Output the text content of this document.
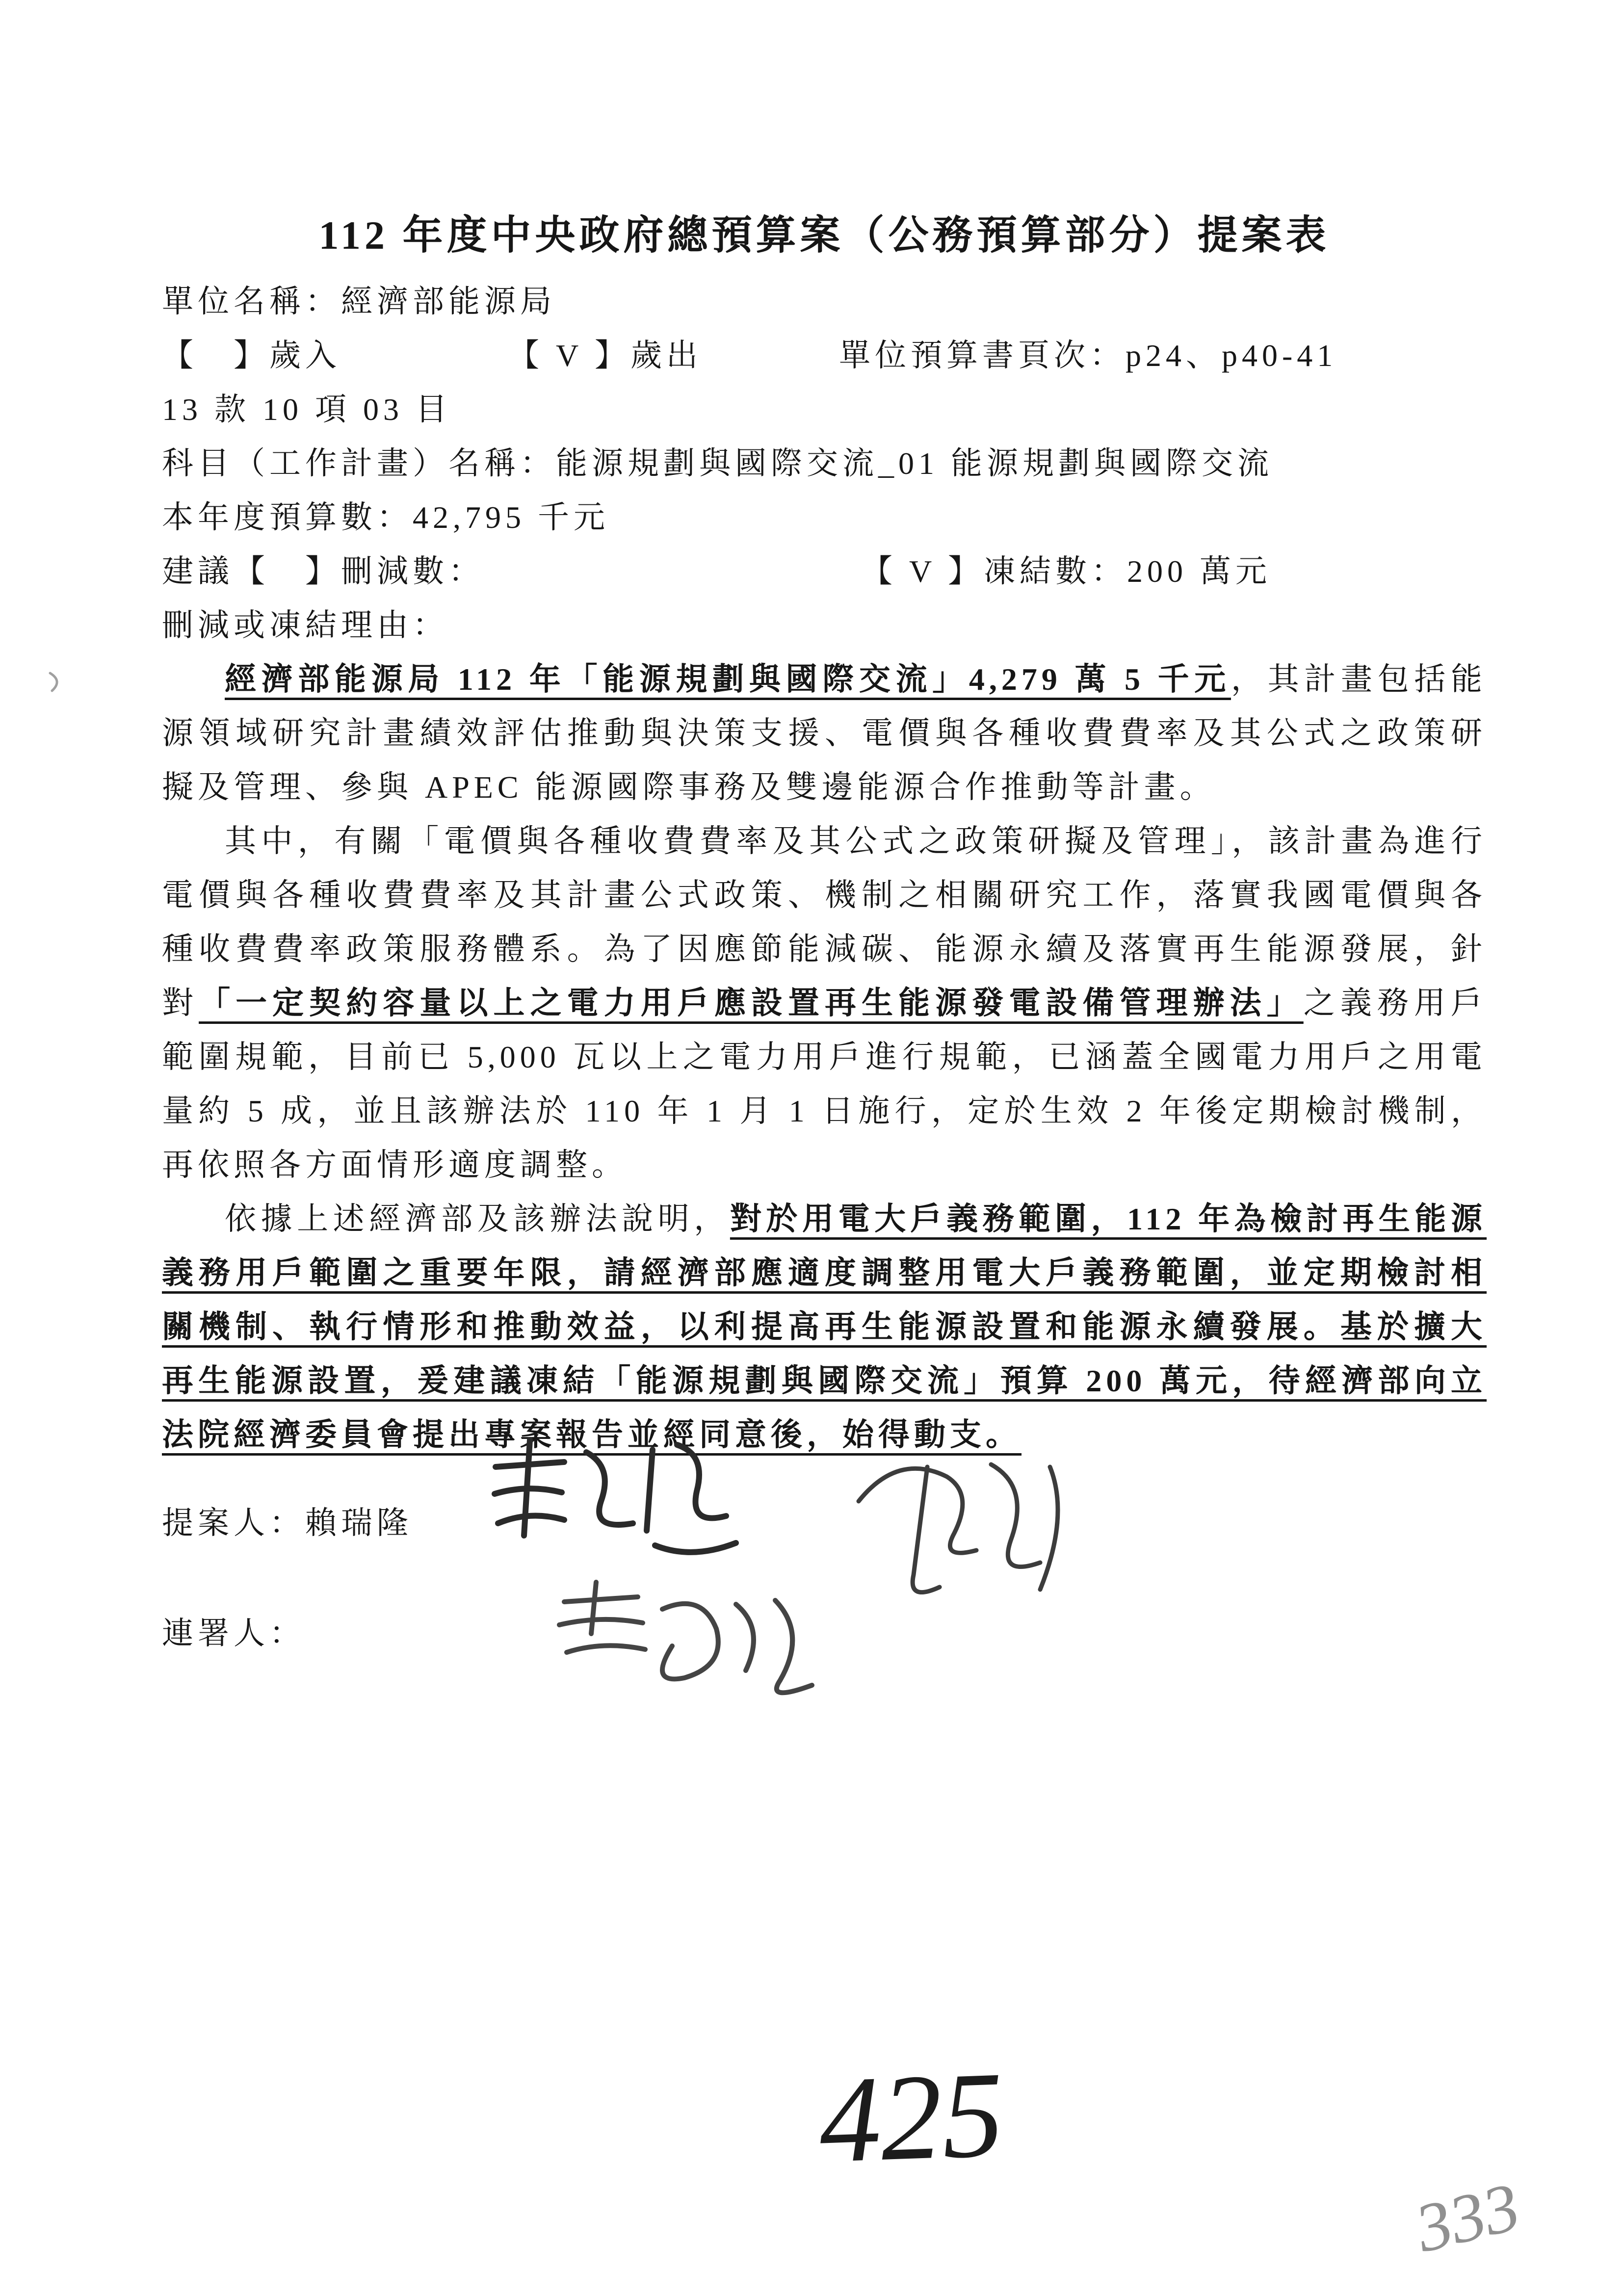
112 年度中央政府總預算案（公務預算部分）提案表
單位名稱：經濟部能源局
【　】歲入	【 V 】歲出	單位預算書頁次：p24、p40-41
13 款 10 項 03 目
科目（工作計畫）名稱：能源規劃與國際交流_01 能源規劃與國際交流
本年度預算數：42,795 千元
建議【　】刪減數：	【 V 】凍結數：200 萬元
刪減或凍結理由：

經濟部能源局 112 年「能源規劃與國際交流」4,279 萬 5 千元，其計畫包括能源領域研究計畫績效評估推動與決策支援、電價與各種收費費率及其公式之政策研擬及管理、參與 APEC 能源國際事務及雙邊能源合作推動等計畫。

其中，有關「電價與各種收費費率及其公式之政策研擬及管理」，該計畫為進行電價與各種收費費率及其計畫公式政策、機制之相關研究工作，落實我國電價與各種收費費率政策服務體系。為了因應節能減碳、能源永續及落實再生能源發展，針對「一定契約容量以上之電力用戶應設置再生能源發電設備管理辦法」之義務用戶範圍規範，目前已 5,000 瓦以上之電力用戶進行規範，已涵蓋全國電力用戶之用電量約 5 成，並且該辦法於 110 年 1 月 1 日施行，定於生效 2 年後定期檢討機制，再依照各方面情形適度調整。

依據上述經濟部及該辦法說明，對於用電大戶義務範圍，112 年為檢討再生能源義務用戶範圍之重要年限，請經濟部應適度調整用電大戶義務範圍，並定期檢討相關機制、執行情形和推動效益，以利提高再生能源設置和能源永續發展。基於擴大再生能源設置，爰建議凍結「能源規劃與國際交流」預算 200 萬元，待經濟部向立法院經濟委員會提出專案報告並經同意後，始得動支。

提案人：賴瑞隆
連署人：
425
333
